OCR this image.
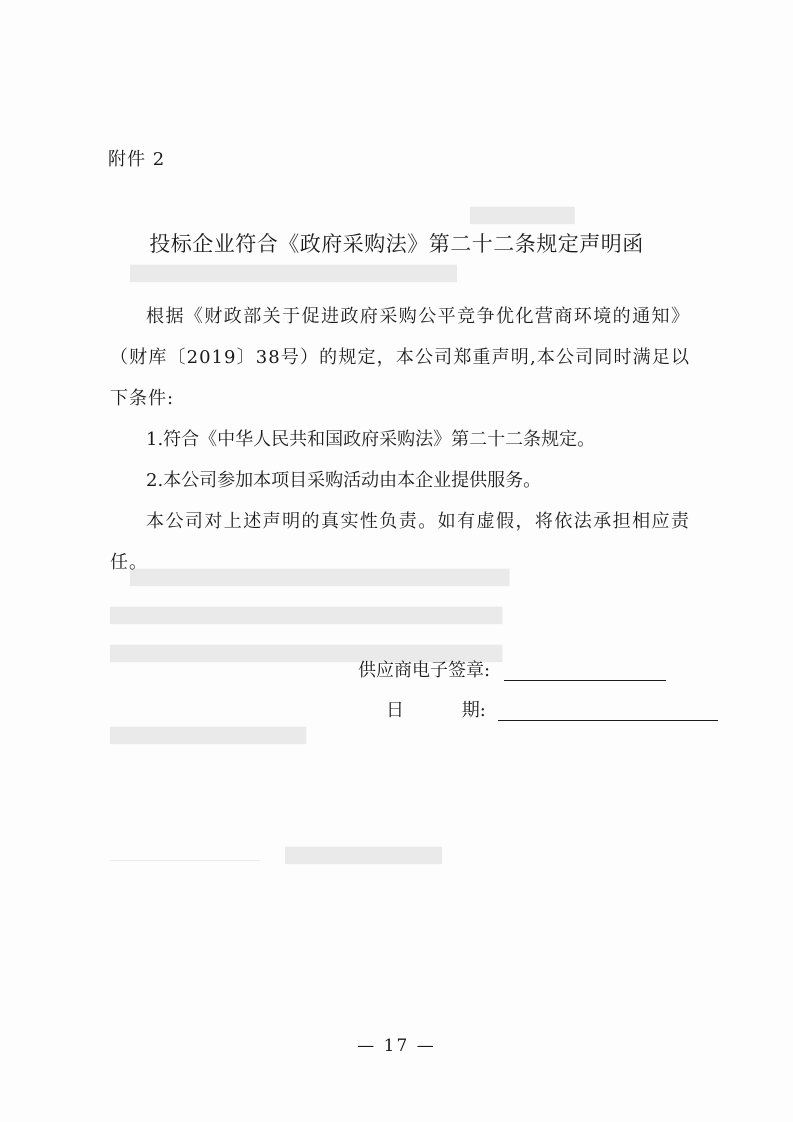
▇▇▇▇▇▇▇▇
▇▇▇▇▇▇▇▇▇▇▇▇▇▇▇▇▇▇▇▇▇▇▇▇▇
▇▇▇▇▇▇▇▇▇▇▇▇▇▇▇▇▇▇▇▇▇▇▇▇▇▇▇▇▇
▇▇▇▇▇▇▇▇▇▇▇▇▇▇▇▇▇▇▇▇▇▇▇▇▇▇▇▇▇▇
▇▇▇▇▇▇▇▇▇▇▇▇▇▇▇▇▇▇▇▇▇▇▇▇▇▇▇▇▇▇
▇▇▇▇▇▇▇▇▇▇▇▇▇▇▇
▇▇▇▇▇▇▇▇▇▇▇▇
附件 2
投标企业符合《政府采购法》第二十二条规定声明函

根据《财政部关于促进政府采购公平竞争优化营商环境的通知》（财库〔2019〕38号）的规定，本公司郑重声明,本公司同时满足以下条件:

1.符合《中华人民共和国政府采购法》第二十二条规定。

2.本公司参加本项目采购活动由本企业提供服务。

本公司对上述声明的真实性负责。如有虚假，将依法承担相应责任。

供应商电子签章:
日	期:
— 17 —
